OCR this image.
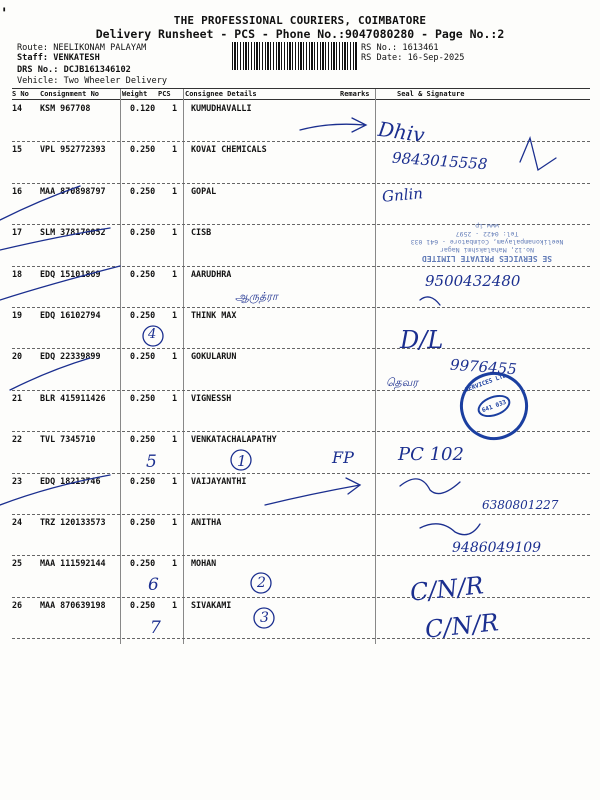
'	THE PROFESSIONAL COURIERS, COIMBATORE
Delivery Runsheet - PCS - Phone No.:9047080280 - Page No.:2
Route: NEELIKONAM PALAYAM
Staff: VENKATESH
DRS No.: DCJB161346102
Vehicle: Two Wheeler Delivery
RS No.: 1613461
RS Date: 16-Sep-2025
S No Consignment No	Weight PCS Consignee Details	Remarks	Seal & Signature
14 KSM 967708	0.120 1 KUMUDHAVALLI
15 VPL 952772393	0.250 1 KOVAI CHEMICALS
16 MAA 870898797	0.250 1 GOPAL
17 SLM 378178052	0.250 1 CISB
18 EDQ 15101869	0.250 1 AARUDHRA
19 EDQ 16102794	0.250 1 THINK MAX
20 EDQ 22339899	0.250 1 GOKULARUN
21 BLR 415911426	0.250 1 VIGNESSH
22 TVL 7345710	0.250 1 VENKATACHALAPATHY
23 EDQ 18213746	0.250 1 VAIJAYANTHI
24 TRZ 120133573	0.250 1 ANITHA
25 MAA 111592144	0.250 1 MOHAN
26 MAA 870639198	0.250 1 SIVAKAMI
SE SERVICES PRIVATE LIMITED
No.12, Mahalakshmi Nagar
Neelikonampalayam, Coimbatore - 641 033
Tel: 0422 - 2597
www.ip
SERVICES LTD
641 033
Dhiv
9843015558
Gnlin
9500432480
ஆருத்ரா
4	D/L
9976455
தெவர
5	1	FP PC 102
6380801227
9486049109
6	2	C/N/R
7	3	C/N/R
